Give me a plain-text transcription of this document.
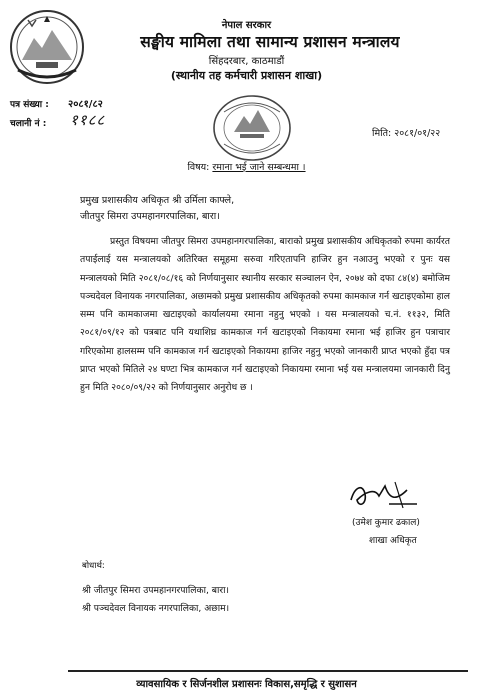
नेपाल सरकार
सङ्घीय मामिला तथा सामान्य प्रशासन मन्त्रालय
सिंहदरबार, काठमाडौं
(स्थानीय तह कर्मचारी प्रशासन शाखा)
पत्र संख्या : २०८१/८२
चलानी नं : ११८८
मिति: २०८१/०१/२२
विषय: रमाना भई जाने सम्बन्धमा ।
प्रमुख प्रशासकीय अधिकृत श्री उर्मिला काफ्ले,
जीतपुर सिमरा उपमहानगरपालिका, बारा।

प्रस्तुत विषयमा जीतपुर सिमरा उपमहानगरपालिका, बाराको प्रमुख प्रशासकीय अधिकृतको रुपमा कार्यरत तपाईलाई यस मन्त्रालयको अतिरिक्त समूहमा सरुवा गरिएतापनि हाजिर हुन नआउनु भएको र पुनः यस मन्त्रालयको मिति २०८१/०८/१६ को निर्णयानुसार स्थानीय सरकार सञ्चालन ऐन, २०७४ को दफा ८४(४) बमोजिम पञ्चदेवल विनायक नगरपालिका, अछामको प्रमुख प्रशासकीय अधिकृतको रुपमा कामकाज गर्न खटाइएकोमा हाल सम्म पनि कामकाजमा खटाइएको कार्यालयमा रमाना नहुनु भएको । यस मन्त्रालयको च.नं. ११३२, मिति २०८१/०९/१२ को पत्रबाट पनि यथाशिघ्र कामकाज गर्न खटाइएको निकायमा रमाना भई हाजिर हुन पत्राचार गरिएकोमा हालसम्म पनि कामकाज गर्न खटाइएको निकायमा हाजिर नहुनु भएको जानकारी प्राप्त भएको हुँदा पत्र प्राप्त भएको मितिले २४ घण्टा भित्र कामकाज गर्न खटाइएको निकायमा रमाना भई यस मन्त्रालयमा जानकारी दिनु हुन मिति २०८०/०९/२२ को निर्णयानुसार अनुरोध छ ।

(उमेश कुमार ढकाल)
शाखा अधिकृत
बोधार्थ:
श्री जीतपुर सिमरा उपमहानगरपालिका, बारा।
श्री पञ्चदेवल विनायक नगरपालिका, अछाम।
व्यावसायिक र सिर्जनशील प्रशासनः विकास,समृद्धि र सुशासन
